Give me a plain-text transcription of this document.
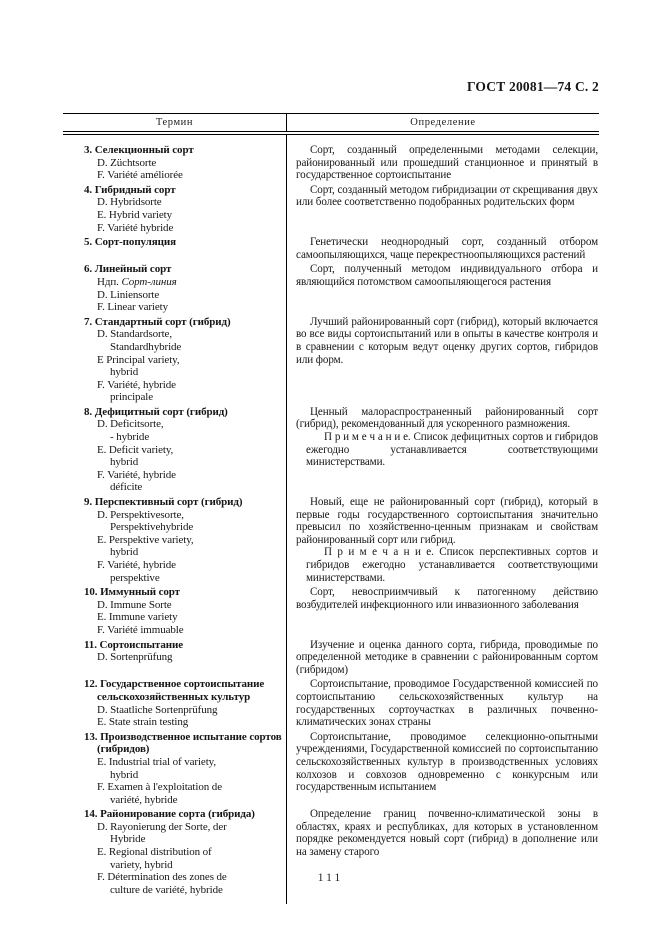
ГОСТ 20081—74 С. 2
Термин	Определение
3. Селекционный сорт
D. Züchtsorte
F. Variété améliorée
Сорт, созданный определенными методами селекции, районированный или прошедший станционное и принятый в государственное сортоиспытание
4. Гибридный сорт
D. Hybridsorte
E. Hybrid variety
F. Variété hybride
Сорт, созданный методом гибридизации от скрещивания двух или более соответственно подобранных родительских форм
5. Сорт-популяция	Генетически неоднородный сорт, созданный отбором самоопыляющихся, чаще перекрестноопыляющихся растений
6. Линейный сорт
Ндп. Сорт-линия
D. Liniensorte
F. Linear variety
Сорт, полученный методом индивидуального отбора и являющийся потомством самоопыляющегося растения
7. Стандартный сорт (гибрид)
D. Standardsorte,
Standardhybride
E Principal variety,
hybrid
F. Variété, hybride
principale
Лучший районированный сорт (гибрид), который включается во все виды сортоиспытаний или в опыты в качестве контроля и в сравнении с которым ведут оценку других сортов, гибридов или форм.
8. Дефицитный сорт (гибрид)
D. Deficitsorte,
- hybride
E. Deficit variety,
hybrid
F. Variété, hybride
déficite
Ценный малораспространенный районированный сорт (гибрид), рекомендованный для ускоренного размножения.
П р и м е ч а н и е. Список дефицитных сортов и гибридов ежегодно устанавливается соответствующими министерствами.
9. Перспективный сорт (гибрид)
D. Perspektivesorte,
Perspektivehybride
E. Perspektive variety,
hybrid
F. Variété, hybride
perspektive
Новый, еще не районированный сорт (гибрид), который в первые годы государственного сортоиспытания значительно превысил по хозяйственно-ценным признакам и свойствам районированный сорт или гибрид.
П р и м е ч а н и е. Список перспективных сортов и гибридов ежегодно устанавливается соответствующими министерствами.
10. Иммунный сорт
D. Immune Sorte
E. Immune variety
F. Variété immuable
Сорт, невосприимчивый к патогенному действию возбудителей инфекционного или инвазионного заболевания
11. Сортоиспытание
D. Sortenprüfung
Изучение и оценка данного сорта, гибрида, проводимые по определенной методике в сравнении с районированным сортом (гибридом)
12. Государственное сортоиспытание сельскохозяйственных культур
D. Staatliche Sortenprüfung
E. State strain testing
Сортоиспытание, проводимое Государственной комиссией по сортоиспытанию сельскохозяйственных культур на государственных сортоучастках в различных почвенно-климатических зонах страны
13. Производственное испытание сортов (гибридов)
E. Industrial trial of variety,
hybrid
F. Examen à l'exploitation de
variété, hybride
Сортоиспытание, проводимое селекционно-опытными учреждениями, Государственной комиссией по сортоиспытанию сельскохозяйственных культур в производственных условиях колхозов и совхозов одновременно с конкурсным или государственным испытанием
14. Районирование сорта (гибрида)
D. Rayonierung der Sorte, der
Hybride
E. Regional distribution of
variety, hybrid
F. Détermination des zones de
culture de variété, hybride
Определение границ почвенно-климатической зоны в областях, краях и республиках, для которых в установленном порядке рекомендуется новый сорт (гибрид) в дополнение или на замену старого
111
